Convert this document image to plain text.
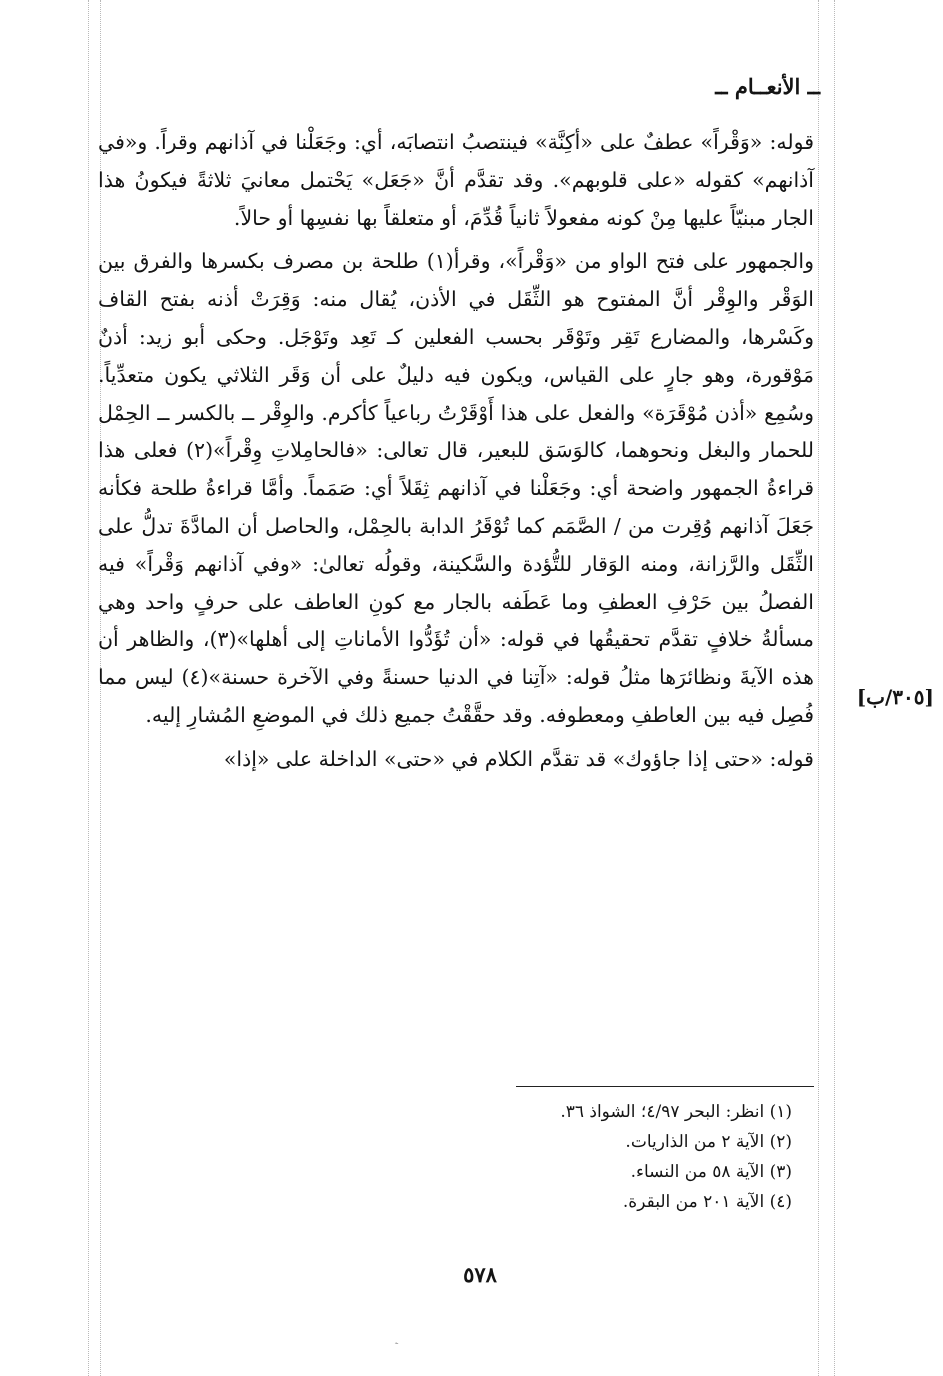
ــ الأنعــام ــ

قوله: «وَقْراً» عطفٌ على «أكِنَّة» فينتصبُ انتصابَه، أي: وجَعَلْنا في آذانهم وقراً. و«في آذانهم» كقوله «على قلوبهم». وقد تقدَّم أنَّ «جَعَل» يَحْتمل معانيَ ثلاثةً فيكونُ هذا الجار مبنيّاً عليها مِنْ كونه مفعولاً ثانياً قُدِّمَ، أو متعلقاً بها نفسِها أو حالاً.

والجمهور على فتح الواو من «وَقْراً»، وقرأ(١) طلحة بن مصرف بكسرها والفرق بين الوَقْر والوِقْر أنَّ المفتوح هو الثِّقَل في الأذن، يُقال منه: وَقِرَتْ أذنه بفتح القاف وكَسْرها، والمضارع تَقِر وتَوْقَر بحسب الفعلين كـ تَعِد وتَوْجَل. وحكى أبو زيد: أذنٌ مَوْقورة، وهو جارٍ على القياس، ويكون فيه دليلٌ على أن وَقَر الثلاثي يكون متعدِّياً. وسُمِع «أذن مُوْقَرَة» والفعل على هذا أَوْقَرْتُ رباعياً كأكرم. والوِقْر ــ بالكسر ــ الحِمْل للحمار والبغل ونحوهما، كالوَسَق للبعير، قال تعالى: «فالحامِلاتِ وِقْراً»(٢) فعلى هذا قراءةُ الجمهور واضحة أي: وجَعَلْنا في آذانهم ثِقَلاً أي: صَمَماً. وأمَّا قراءةُ طلحة فكأنه جَعَلَ آذانهم وُقِرت من / الصَّمَم كما تُوْقَرُ الدابة بالحِمْل، والحاصل أن المادَّةَ تدلُّ على الثِّقَل والرَّزانة، ومنه الوَقار للتُّؤدة والسَّكينة، وقولُه تعالىٰ: «وفي آذانهم وَقْراً» فيه الفصلُ بين حَرْفِ العطفِ وما عَطَفه بالجار مع كونِ العاطف على حرفٍ واحد وهي مسألةُ خلافٍ تقدَّم تحقيقُها في قوله: «أن تُؤَدُّوا الأماناتِ إلى أهلها»(٣)، والظاهر أن هذه الآيةَ ونظائرَها مثلُ قوله: «آتِنا في الدنيا حسنةً وفي الآخرة حسنة»(٤) ليس مما فُصِل فيه بين العاطفِ ومعطوفه. وقد حقَّقْتُ جميع ذلك في الموضعِ المُشارِ إليه.

قوله: «حتى إذا جاؤوك» قد تقدَّم الكلام في «حتى» الداخلة على «إذا»

[٣٠٥/ب]
(١) انظر: البحر ٤/٩٧؛ الشواذ ٣٦.
(٢) الآية ٢ من الذاريات.
(٣) الآية ٥٨ من النساء.
(٤) الآية ٢٠١ من البقرة.
٥٧٨
ˎ
